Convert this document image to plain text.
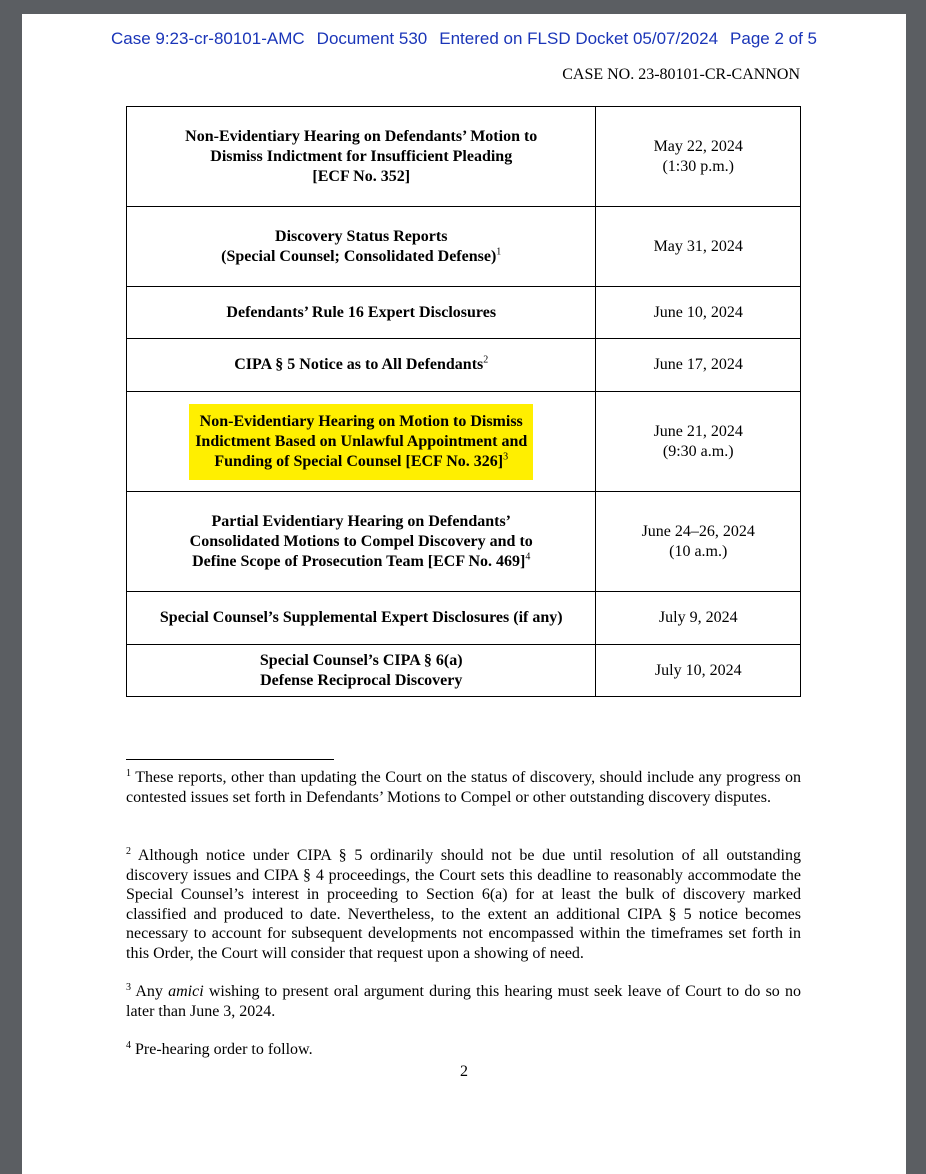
Case 9:23-cr-80101-AMC Document 530 Entered on FLSD Docket 05/07/2024 Page 2 of 5
CASE NO. 23-80101-CR-CANNON
Non-Evidentiary Hearing on Defendants’ Motion to
Dismiss Indictment for Insufficient Pleading
[ECF No. 352]	May 22, 2024
(1:30 p.m.)
Discovery Status Reports
(Special Counsel; Consolidated Defense)$^1$	May 31, 2024
Defendants’ Rule 16 Expert Disclosures	June 10, 2024
CIPA § 5 Notice as to All Defendants$^2$	June 17, 2024
Non-Evidentiary Hearing on Motion to Dismiss
Indictment Based on Unlawful Appointment and
Funding of Special Counsel [ECF No. 326]$^3$	June 21, 2024
(9:30 a.m.)
Partial Evidentiary Hearing on Defendants’
Consolidated Motions to Compel Discovery and to
Define Scope of Prosecution Team [ECF No. 469]$^4$	June 24–26, 2024
(10 a.m.)
Special Counsel’s Supplemental Expert Disclosures (if any)	July 9, 2024
Special Counsel’s CIPA § 6(a)
Defense Reciprocal Discovery	July 10, 2024
$^1$ These reports, other than updating the Court on the status of discovery, should include any progress on contested issues set forth in Defendants’ Motions to Compel or other outstanding discovery disputes.
$^2$ Although notice under CIPA § 5 ordinarily should not be due until resolution of all outstanding discovery issues and CIPA § 4 proceedings, the Court sets this deadline to reasonably accommodate the Special Counsel’s interest in proceeding to Section 6(a) for at least the bulk of discovery marked classified and produced to date. Nevertheless, to the extent an additional CIPA § 5 notice becomes necessary to account for subsequent developments not encompassed within the timeframes set forth in this Order, the Court will consider that request upon a showing of need.
$^3$ Any amici wishing to present oral argument during this hearing must seek leave of Court to do so no later than June 3, 2024.
$^4$ Pre-hearing order to follow.
2
